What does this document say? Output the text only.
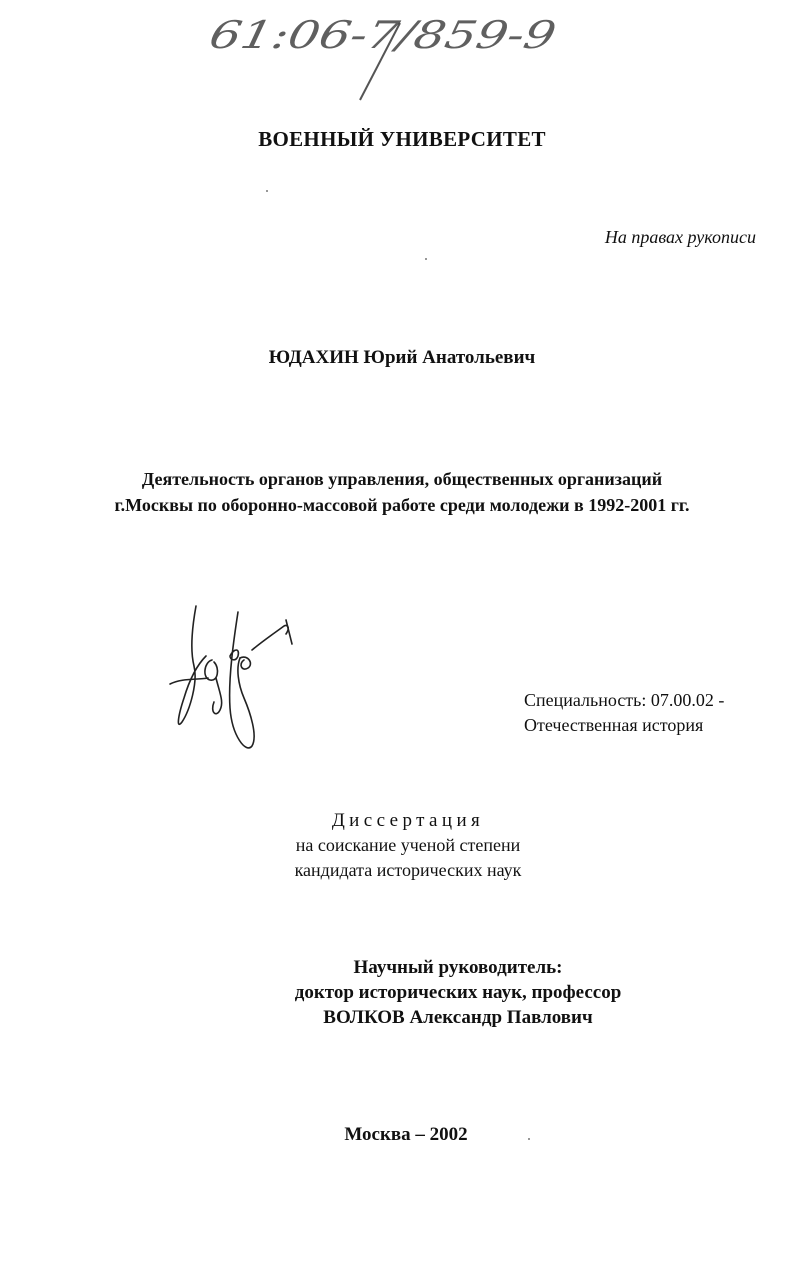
61:06-7/859-9
ВОЕННЫЙ УНИВЕРСИТЕТ
На правах рукописи
ЮДАХИН Юрий Анатольевич
Деятельность органов управления, общественных организаций
г.Москвы по оборонно-массовой работе среди молодежи в 1992-2001 гг.
Специальность: 07.00.02 -
Отечественная история
Диссертация
на соискание ученой степени
кандидата исторических наук
Научный руководитель:
доктор исторических наук, профессор
ВОЛКОВ Александр Павлович
Москва – 2002
